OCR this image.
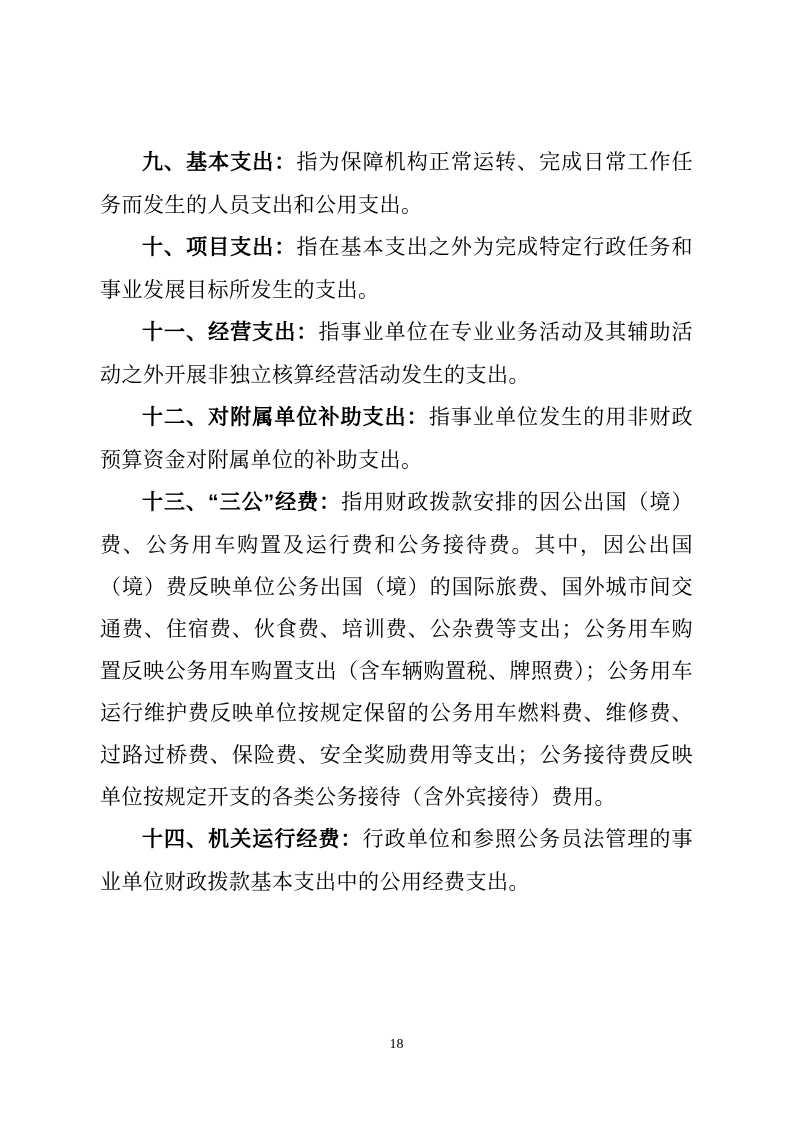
九、基本支出：指为保障机构正常运转、完成日常工作任务而发生的人员支出和公用支出。

十、项目支出：指在基本支出之外为完成特定行政任务和事业发展目标所发生的支出。

十一、经营支出：指事业单位在专业业务活动及其辅助活动之外开展非独立核算经营活动发生的支出。

十二、对附属单位补助支出：指事业单位发生的用非财政预算资金对附属单位的补助支出。

十三、“三公”经费：指用财政拨款安排的因公出国（境）费、公务用车购置及运行费和公务接待费。其中，因公出国（境）费反映单位公务出国（境）的国际旅费、国外城市间交通费、住宿费、伙食费、培训费、公杂费等支出；公务用车购置反映公务用车购置支出（含车辆购置税、牌照费）；公务用车运行维护费反映单位按规定保留的公务用车燃料费、维修费、过路过桥费、保险费、安全奖励费用等支出；公务接待费反映单位按规定开支的各类公务接待（含外宾接待）费用。

十四、机关运行经费：行政单位和参照公务员法管理的事业单位财政拨款基本支出中的公用经费支出。

18
